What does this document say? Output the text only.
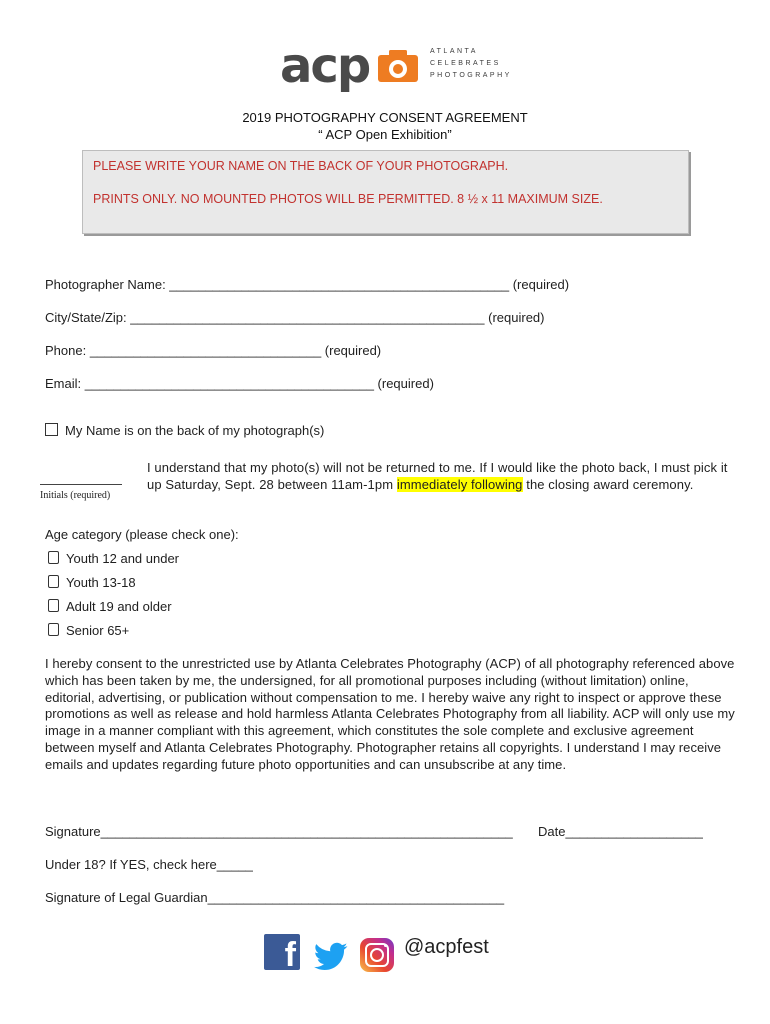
acp	ATLANTA
CELEBRATES
PHOTOGRAPHY
2019 PHOTOGRAPHY CONSENT AGREEMENT
“ ACP Open Exhibition”
PLEASE WRITE YOUR NAME ON THE BACK OF YOUR PHOTOGRAPH.
PRINTS ONLY. NO MOUNTED PHOTOS WILL BE PERMITTED. 8 ½ x 11 MAXIMUM SIZE.
Photographer Name: _______________________________________________ (required)
City/State/Zip: _________________________________________________ (required)
Phone: ________________________________ (required)
Email: ________________________________________ (required)
My Name is on the back of my photograph(s)
Initials (required)
I understand that my photo(s) will not be returned to me. If I would like the photo back, I must pick it up Saturday, Sept. 28 between 11am-1pm immediately following the closing award ceremony.
Age category (please check one):
Youth 12 and under
Youth 13-18
Adult 19 and older
Senior 65+
I hereby consent to the unrestricted use by Atlanta Celebrates Photography (ACP) of all photography referenced above which has been taken by me, the undersigned, for all promotional purposes including (without limitation) online, editorial, advertising, or publication without compensation to me. I hereby waive any right to inspect or approve these promotions as well as release and hold harmless Atlanta Celebrates Photography from all liability. ACP will only use my image in a manner compliant with this agreement, which constitutes the sole complete and exclusive agreement between myself and Atlanta Celebrates Photography. Photographer retains all copyrights. I understand I may receive emails and updates regarding future photo opportunities and can unsubscribe at any time.
Signature_________________________________________________________ Date___________________
Under 18? If YES, check here_____
Signature of Legal Guardian_________________________________________
f	@acpfest
